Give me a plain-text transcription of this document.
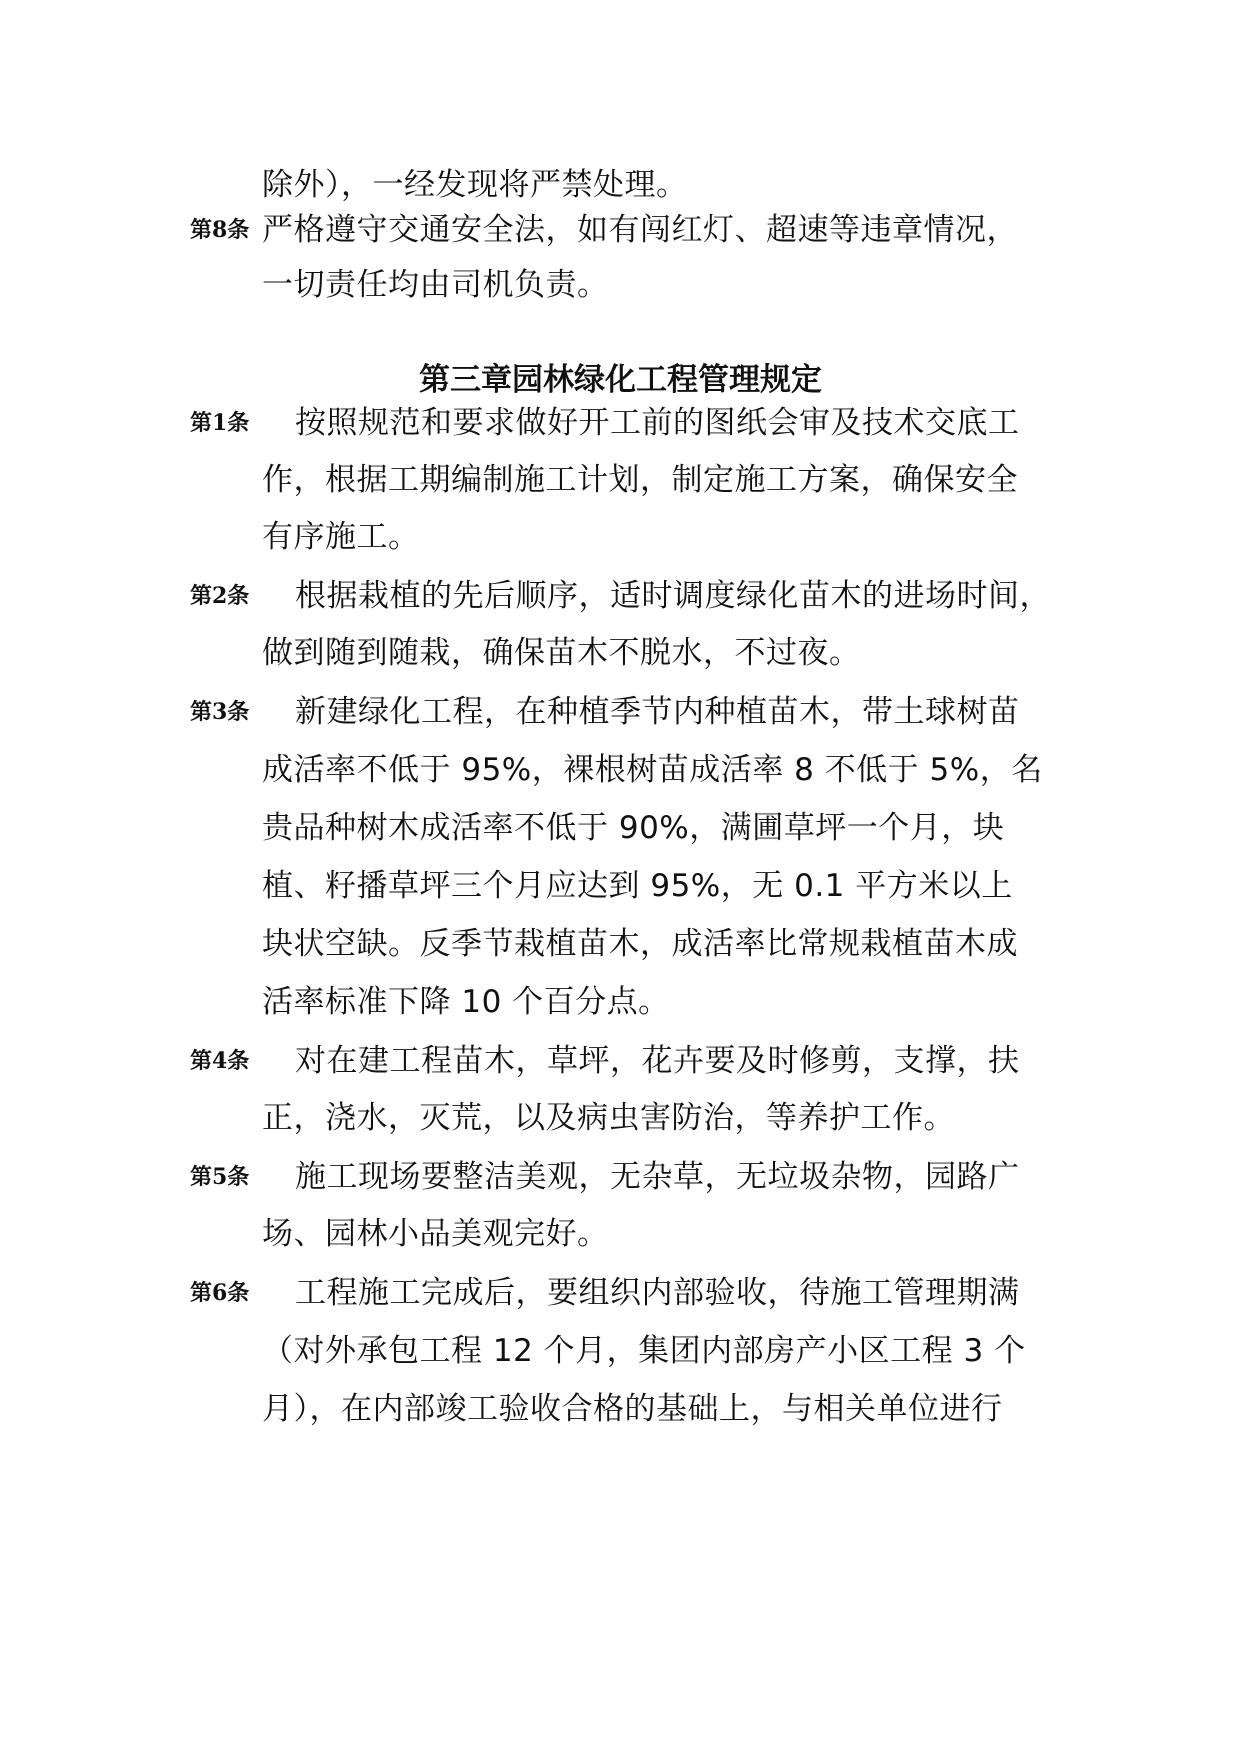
除外），一经发现将严禁处理。
第8条 严格遵守交通安全法，如有闯红灯、超速等违章情况，
一切责任均由司机负责。
第三章园林绿化工程管理规定
第1条 按照规范和要求做好开工前的图纸会审及技术交底工
作，根据工期编制施工计划，制定施工方案，确保安全
有序施工。
第2条 根据栽植的先后顺序，适时调度绿化苗木的进场时间，
做到随到随栽，确保苗木不脱水，不过夜。
第3条 新建绿化工程，在种植季节内种植苗木，带土球树苗
成活率不低于 95%，裸根树苗成活率 8 不低于 5%，名
贵品种树木成活率不低于 90%，满圃草坪一个月，块
植、籽播草坪三个月应达到 95%，无 0.1 平方米以上
块状空缺。反季节栽植苗木，成活率比常规栽植苗木成
活率标准下降 10 个百分点。
第4条 对在建工程苗木，草坪，花卉要及时修剪，支撑，扶
正，浇水，灭荒，以及病虫害防治，等养护工作。
第5条 施工现场要整洁美观，无杂草，无垃圾杂物，园路广
场、园林小品美观完好。
第6条 工程施工完成后，要组织内部验收，待施工管理期满
（对外承包工程 12 个月，集团内部房产小区工程 3 个
月），在内部竣工验收合格的基础上，与相关单位进行
